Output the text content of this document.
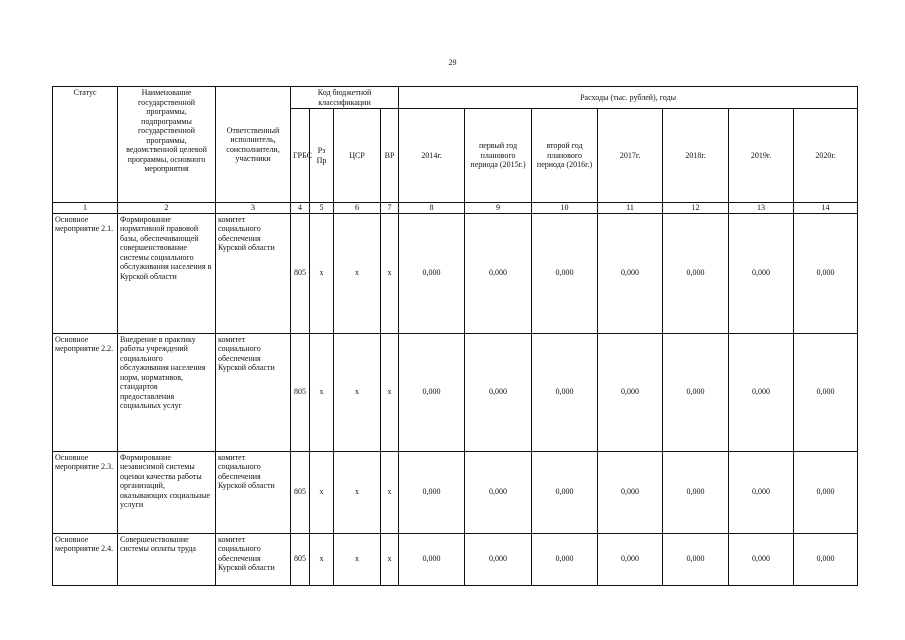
29
Статус	Наименование государственной программы, подпрограммы государственной программы, ведомственной целевой программы, основного мероприятия	Ответственный исполнитель, соисполнители, участники	Код бюджетной классификации				Расходы (тыс. рублей), годы						
			ГРБС	Рз Пр	ЦСР	ВР	2014г.	первый год планового периода (2015г.)	второй год планового периода (2016г.)	2017г.	2018г.	2019г.	2020г.
1	2	3	4	5	6	7	8	9	10	11	12	13	14
Основное мероприятие 2.1.	Формирование нормативной правовой базы, обеспечивающей совершенствование системы социального обслуживания населения в Курской области	комитет социального обеспечения Курской области	805	х	х	х	0,000	0,000	0,000	0,000	0,000	0,000	0,000
Основное мероприятие 2.2.	Внедрение в практику работы учреждений социального обслуживания населения норм, нормативов, стандартов предоставления социальных услуг	комитет социального обеспечения Курской области	805	х	х	х	0,000	0,000	0,000	0,000	0,000	0,000	0,000
Основное мероприятие 2.3.	Формирование независимой системы оценки качества работы организаций, оказывающих социальные услуги	комитет социального обеспечения Курской области	805	х	х	х	0,000	0,000	0,000	0,000	0,000	0,000	0,000
Основное мероприятие 2.4.	Совершенствование системы оплаты труда	комитет социального обеспечения Курской области	805	х	х	х	0,000	0,000	0,000	0,000	0,000	0,000	0,000
